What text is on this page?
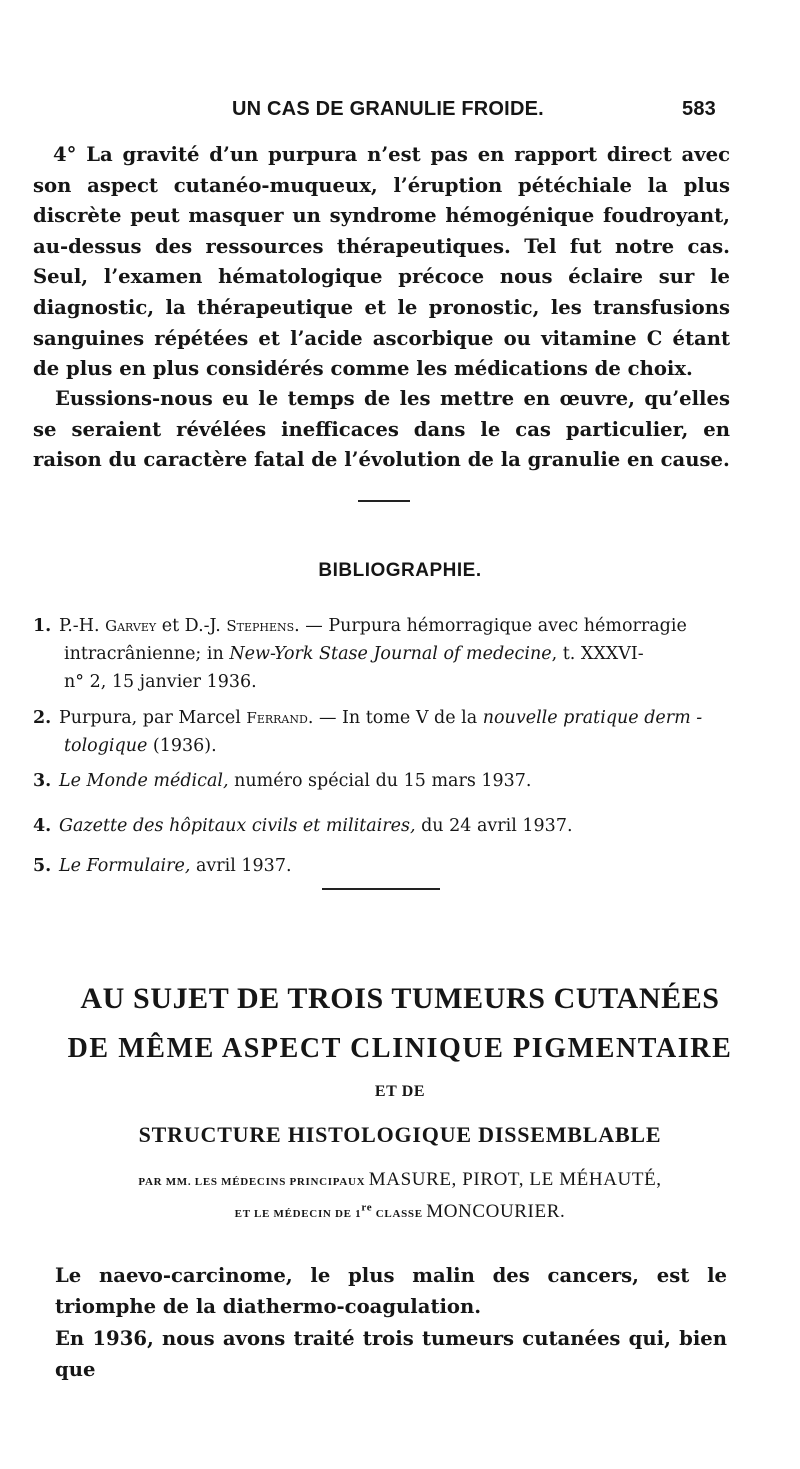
UN CAS DE GRANULIE FROIDE.	583

4° La gravité d’un purpura n’est pas en rapport direct avec son aspect cutanéo-muqueux, l’éruption pétéchiale la plus discrète peut masquer un syndrome hémogénique foudroyant, au-dessus des ressources thérapeutiques. Tel fut notre cas. Seul, l’examen hématologique précoce nous éclaire sur le diagnostic, la thérapeutique et le pronostic, les transfusions sanguines répétées et l’acide ascorbique ou vitamine C étant de plus en plus considérés comme les médications de choix.

Eussions-nous eu le temps de les mettre en œuvre, qu’elles se seraient révélées inefficaces dans le cas particulier, en raison du caractère fatal de l’évolution de la granulie en cause.

BIBLIOGRAPHIE.
1. P.-H. Garvey et D.-J. Stephens. — Purpura hémorragique avec hémorragie
intracrânienne; in New-York Stase Journal of medecine, t. XXXVI-
n° 2, 15 janvier 1936.
2. Purpura, par Marcel Ferrand. — In tome V de la nouvelle pratique derm -
tologique (1936).
3. Le Monde médical, numéro spécial du 15 mars 1937.
4. Gazette des hôpitaux civils et militaires, du 24 avril 1937.
5. Le Formulaire, avril 1937.
AU SUJET DE TROIS TUMEURS CUTANÉES
DE MÊME ASPECT CLINIQUE PIGMENTAIRE
ET DE
STRUCTURE HISTOLOGIQUE DISSEMBLABLE
PAR MM. LES MÉDECINS PRINCIPAUX MASURE, PIROT, LE MÉHAUTÉ,
ET LE MÉDECIN DE 1re CLASSE MONCOURIER.

Le naevo-carcinome, le plus malin des cancers, est le triomphe de la diathermo-coagulation.

En 1936, nous avons traité trois tumeurs cutanées qui, bien que
